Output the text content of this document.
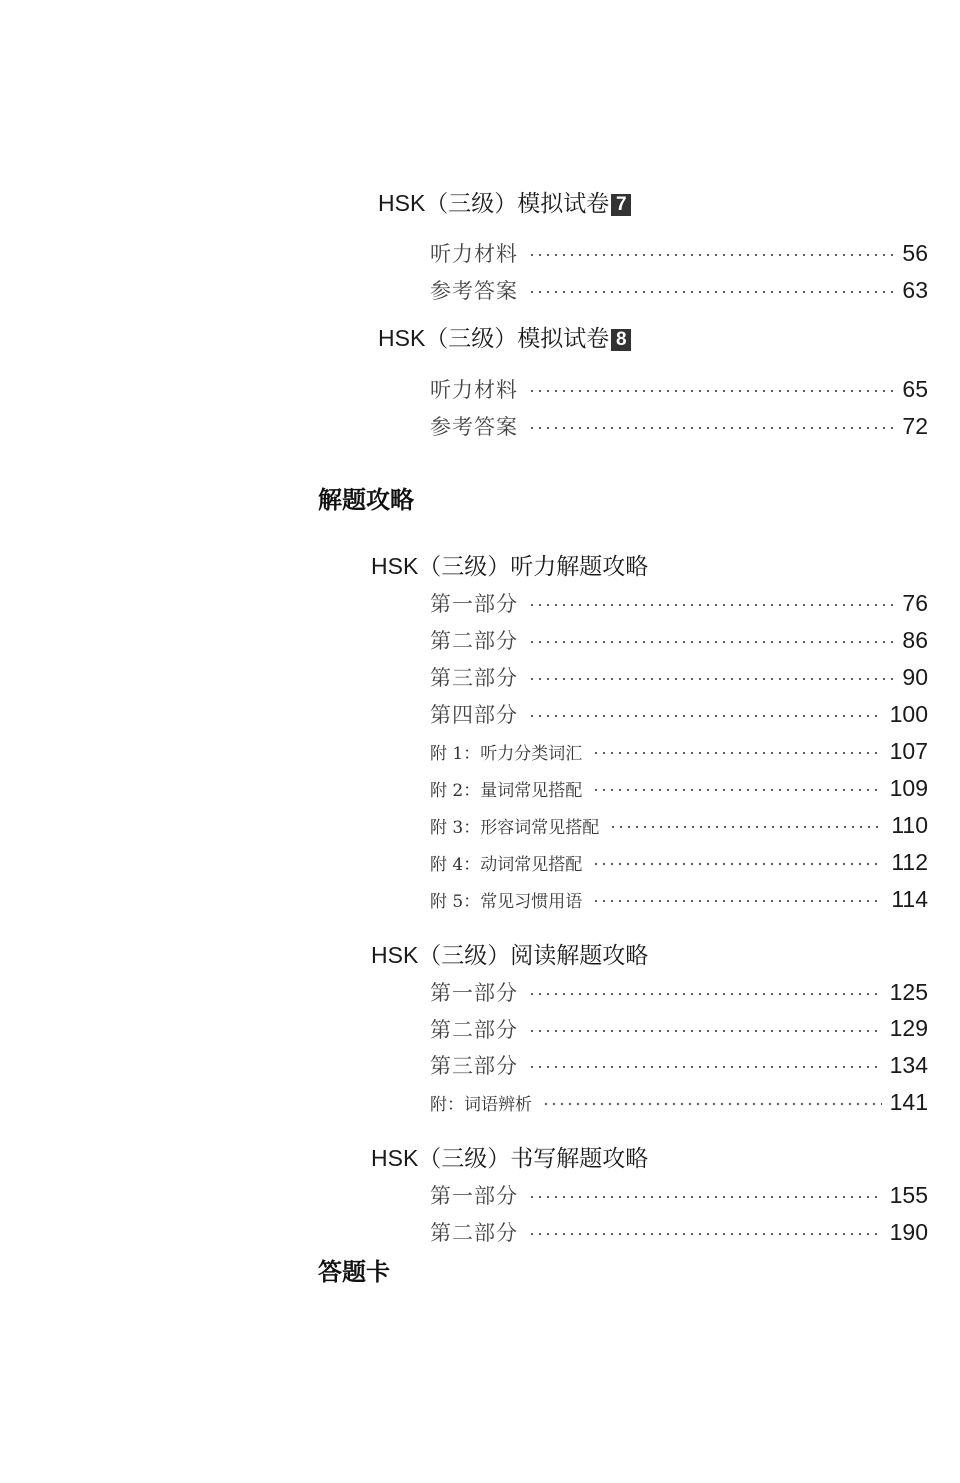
HSK（三级）模拟试卷 7
听力材料	56
参考答案	63
HSK（三级）模拟试卷 8
听力材料	65
参考答案	72
解题攻略
HSK（三级）听力解题攻略
第一部分	76
第二部分	86
第三部分	90
第四部分	100
附 1：听力分类词汇	107
附 2：量词常见搭配	109
附 3：形容词常见搭配	110
附 4：动词常见搭配	112
附 5：常见习惯用语	114
HSK（三级）阅读解题攻略
第一部分	125
第二部分	129
第三部分	134
附：词语辨析	141
HSK（三级）书写解题攻略
第一部分	155
第二部分	190
答题卡
